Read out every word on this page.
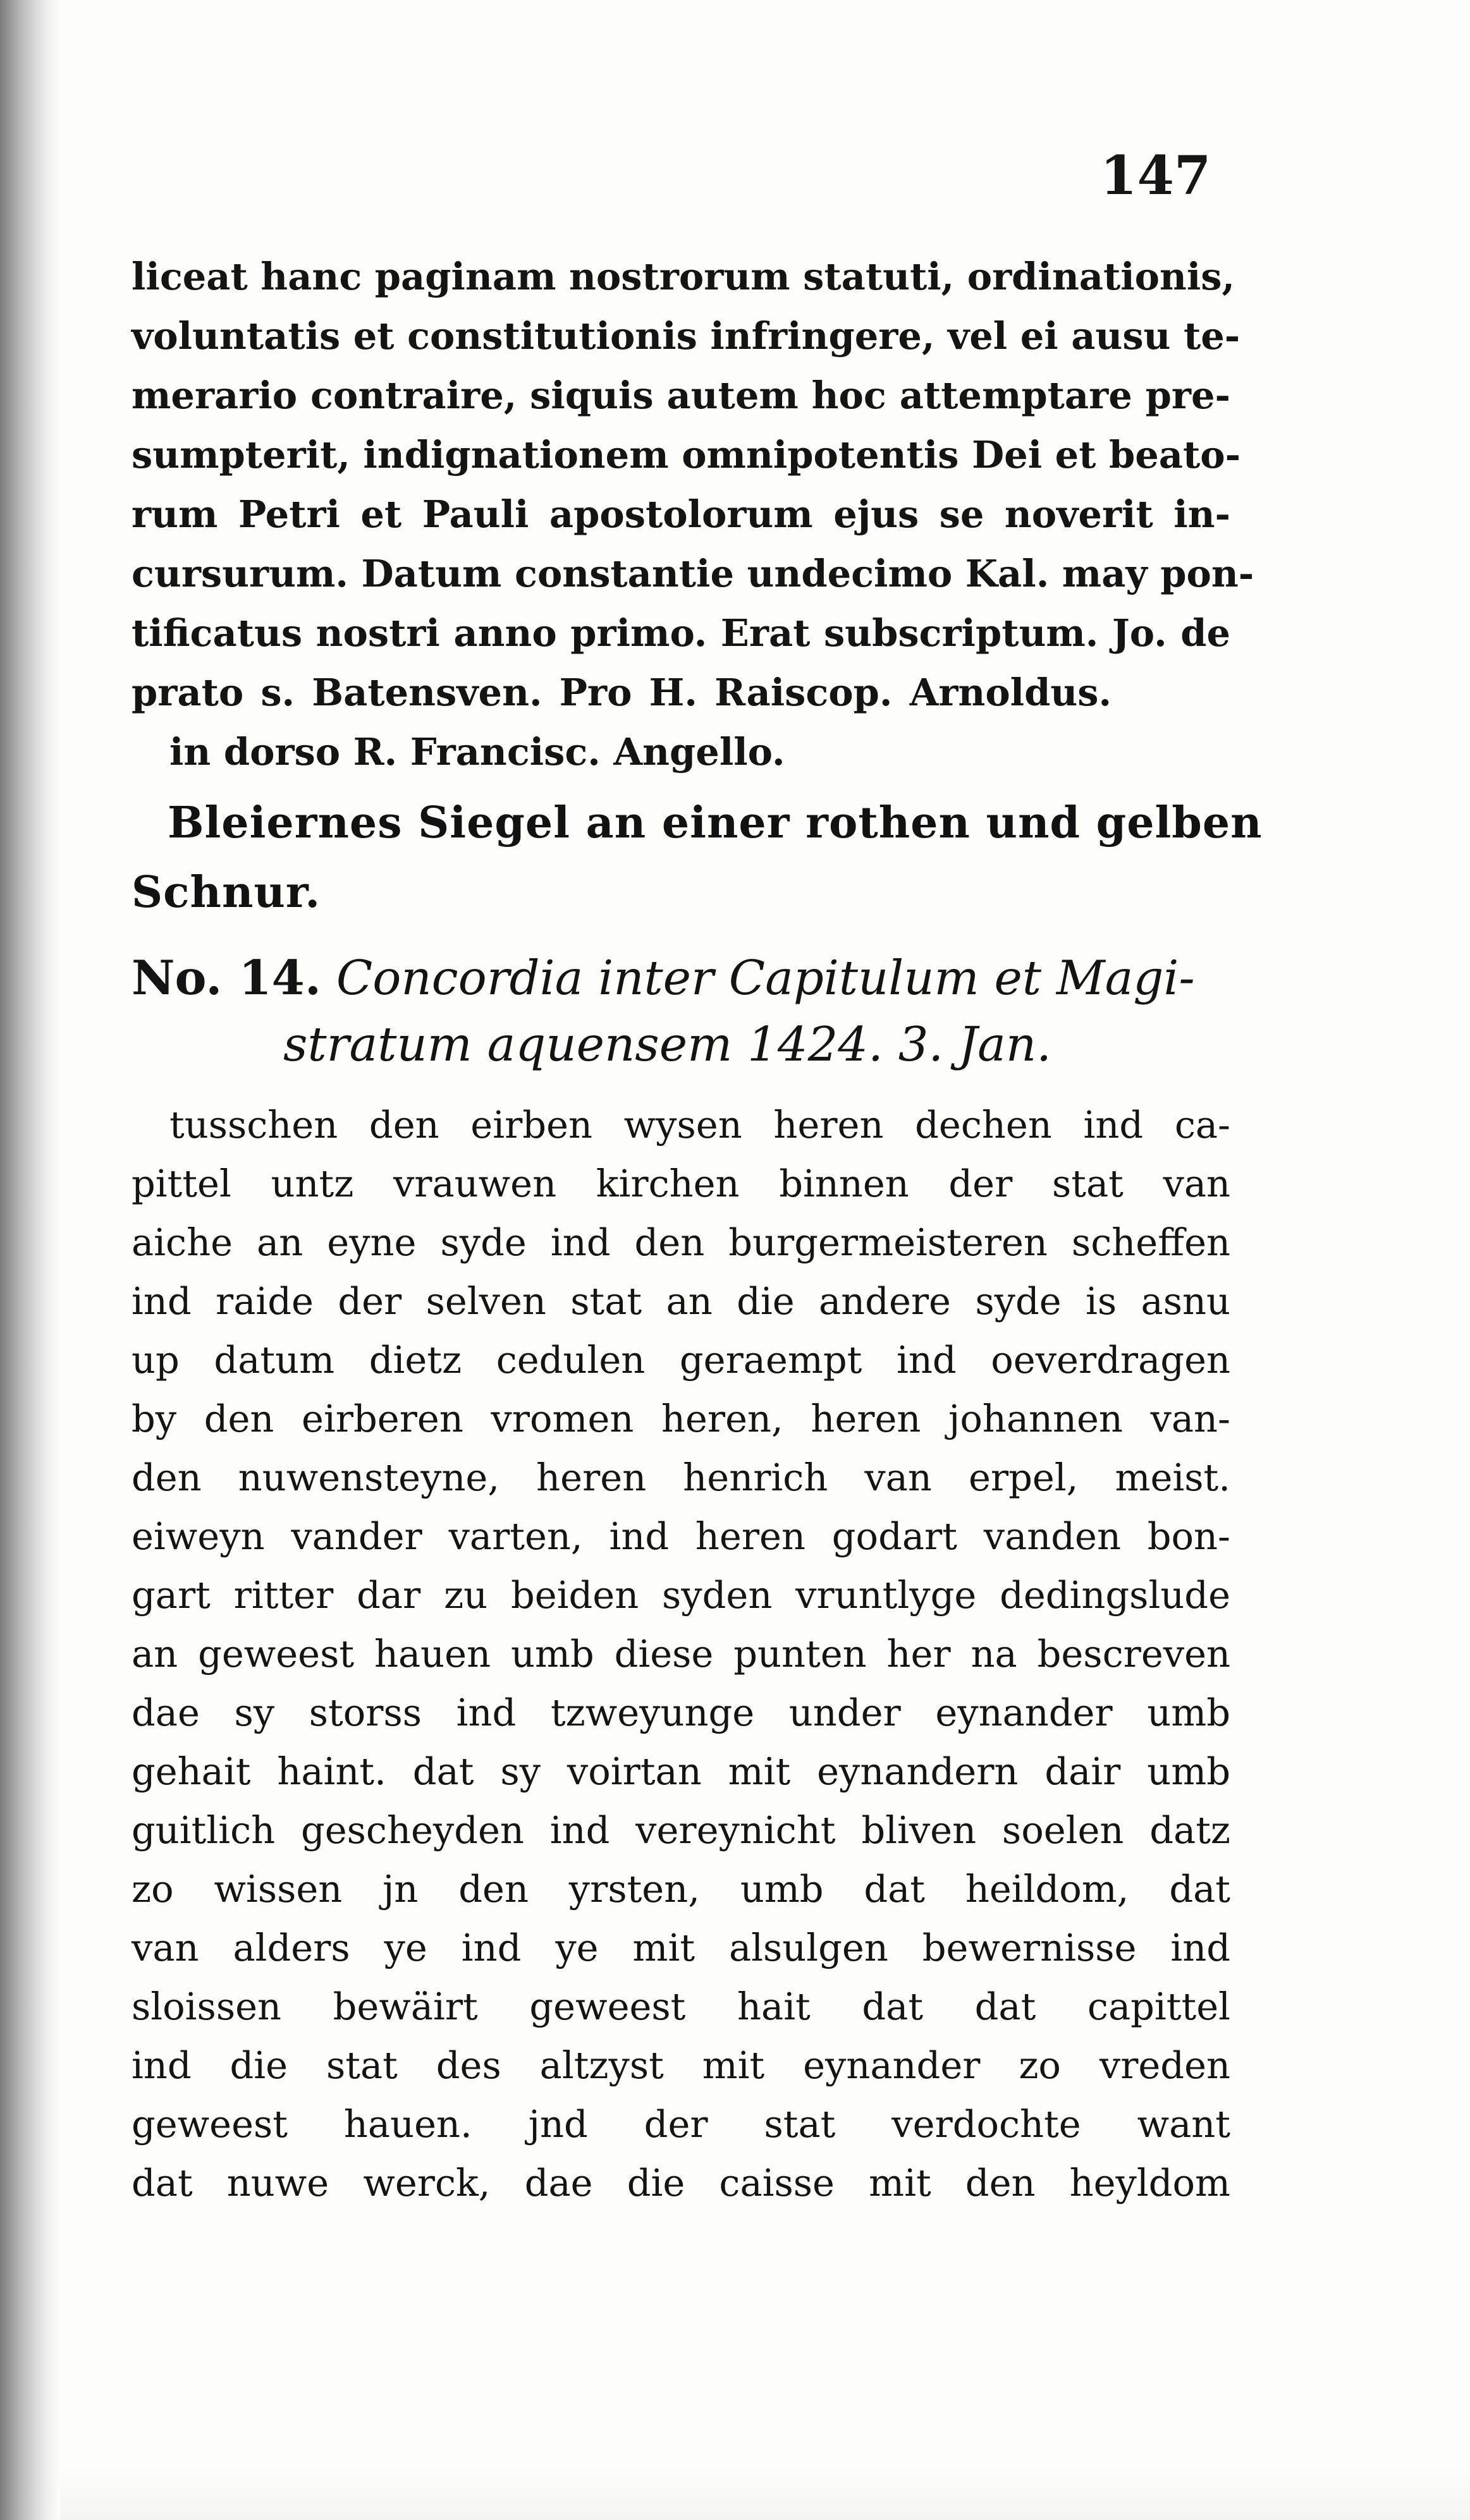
147
liceat hanc paginam nostrorum statuti, ordinationis,
voluntatis et constitutionis infringere, vel ei ausu te-
merario contraire, siquis autem hoc attemptare pre-
sumpterit, indignationem omnipotentis Dei et beato-
rum Petri et Pauli apostolorum ejus se noverit in-
cursurum. Datum constantie undecimo Kal. may pon-
tificatus nostri anno primo. Erat subscriptum. Jo. de
prato s. Batensven. Pro H. Raiscop. Arnoldus.
in dorso R. Francisc. Angello.
Bleiernes Siegel an einer rothen und gelben
Schnur.
No. 14. Concordia inter Capitulum et Magi-
stratum aquensem 1424. 3. Jan.
tusschen den eirben wysen heren dechen ind ca-
pittel untz vrauwen kirchen binnen der stat van
aiche an eyne syde ind den burgermeisteren scheffen
ind raide der selven stat an die andere syde is asnu
up datum dietz cedulen geraempt ind oeverdragen
by den eirberen vromen heren, heren johannen van-
den nuwensteyne, heren henrich van erpel, meist.
eiweyn vander varten, ind heren godart vanden bon-
gart ritter dar zu beiden syden vruntlyge dedingslude
an geweest hauen umb diese punten her na bescreven
dae sy storss ind tzweyunge under eynander umb
gehait haint. dat sy voirtan mit eynandern dair umb
guitlich gescheyden ind vereynicht bliven soelen datz
zo wissen jn den yrsten, umb dat heildom, dat
van alders ye ind ye mit alsulgen bewernisse ind
sloissen bewäirt geweest hait dat dat capittel
ind die stat des altzyst mit eynander zo vreden
geweest hauen. jnd der stat verdochte want
dat nuwe werck, dae die caisse mit den heyldom
